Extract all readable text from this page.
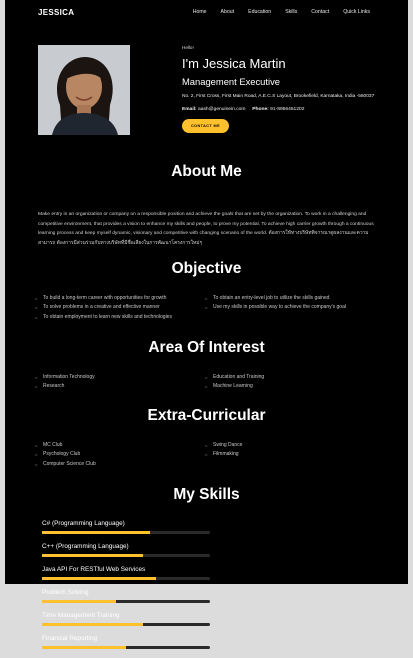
JESSICA	Home	About	Education	Skills	Contact	Quick Links
Hello!
I'm Jessica Martin
Management Executive
No. 2, First Cross, First Main Road, A.E.C.S Layout, Brookefield, Karnataka, India -560037
Email: aash@genuinein.com Phone: 91-8956451202
CONTACT ME
About Me
Make entry in an organization or company on a responsible position and achieve the goals that are set by the organization. To work in a challenging and competitive environment, that provides a vision to enhance my skills and people, to prove my potential. To achieve high carrier growth through a continuous learning process and keep myself dynamic, visionary and competitive with changing scenario of the world. ต้องการให้ทางบริษัทพิจารณาดูผลงานและความสามารถ ต้องการมีส่วนร่วมกับทางบริษัทที่มีชื่อเสียงในการพัฒนาโครงการใหม่ๆ
Objective
○ To build a long-term career with opportunities for growth
○ To solve problems in a creative and effective manner
○ To obtain employment to learn new skills and technologies
○ To obtain an entry-level job to utilize the skills gained
○ Use my skills in possible way to achieve the company's goal
Area Of Interest
○ Information Technology
○ Research
○ Education and Training
○ Machine Learning
Extra-Curricular
○ MC Club
○ Psychology Club
○ Computer Science Club
○ Swing Dance
○ Filmmaking
My Skills
C# (Programming Language)
C++ (Programming Language)
Java API For RESTful Web Services
Problem Solving
Time Management Training
Financial Reporting
